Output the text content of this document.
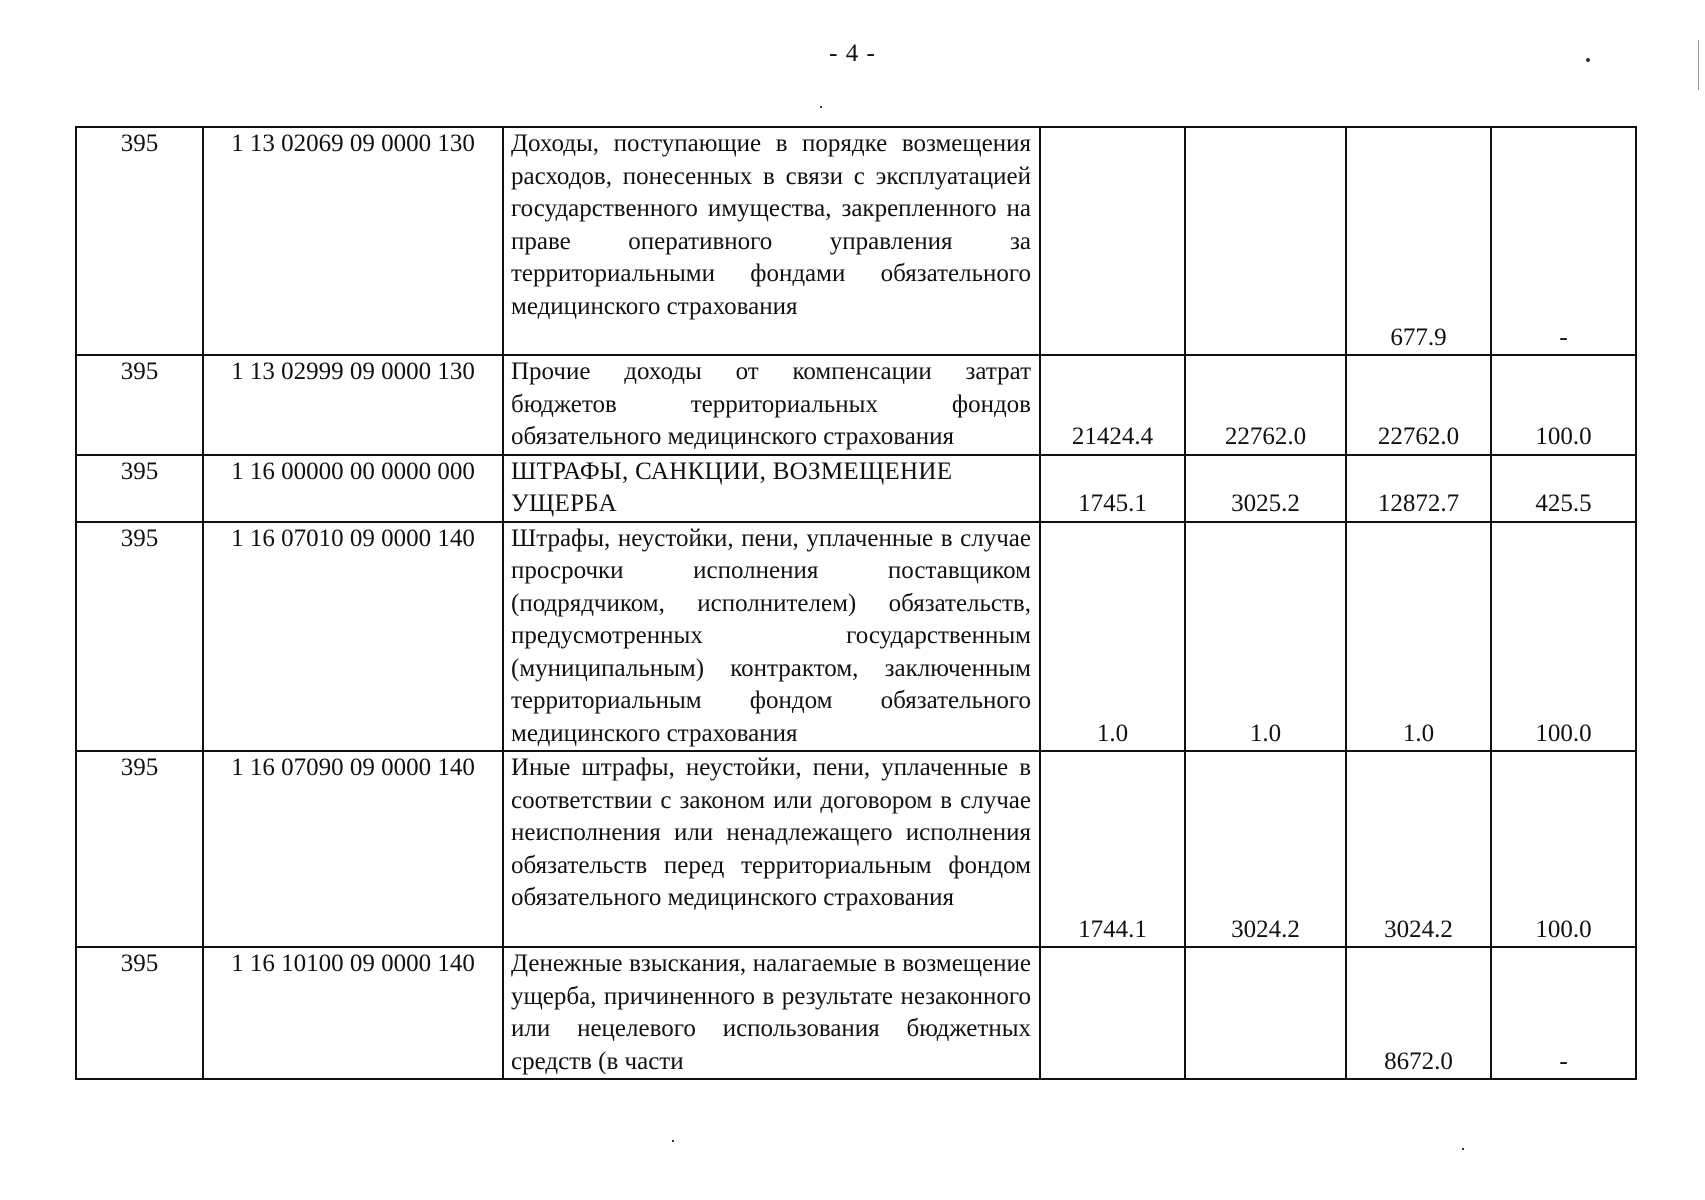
- 4 -
395	1 13 02069 09 0000 130	Доходы, поступающие в порядке возмещения расходов, понесенных в связи с эксплуатацией государственного имущества, закрепленного на праве оперативного управления за территориальными фондами обязательного медицинского страхования			677.9	-
395	1 13 02999 09 0000 130	Прочие доходы от компенсации затрат бюджетов территориальных фондов обязательного медицинского страхования	21424.4	22762.0	22762.0	100.0
395	1 16 00000 00 0000 000	ШТРАФЫ, САНКЦИИ, ВОЗМЕЩЕНИЕ УЩЕРБА	1745.1	3025.2	12872.7	425.5
395	1 16 07010 09 0000 140	Штрафы, неустойки, пени, уплаченные в случае просрочки исполнения поставщиком (подрядчиком, исполнителем) обязательств, предусмотренных государственным (муниципальным) контрактом, заключенным территориальным фондом обязательного медицинского страхования	1.0	1.0	1.0	100.0
395	1 16 07090 09 0000 140	Иные штрафы, неустойки, пени, уплаченные в соответствии с законом или договором в случае неисполнения или ненадлежащего исполнения обязательств перед территориальным фондом обязательного медицинского страхования	1744.1	3024.2	3024.2	100.0
395	1 16 10100 09 0000 140	Денежные взыскания, налагаемые в возмещение ущерба, причиненного в результате незаконного или нецелевого использования бюджетных средств (в части			8672.0	-
